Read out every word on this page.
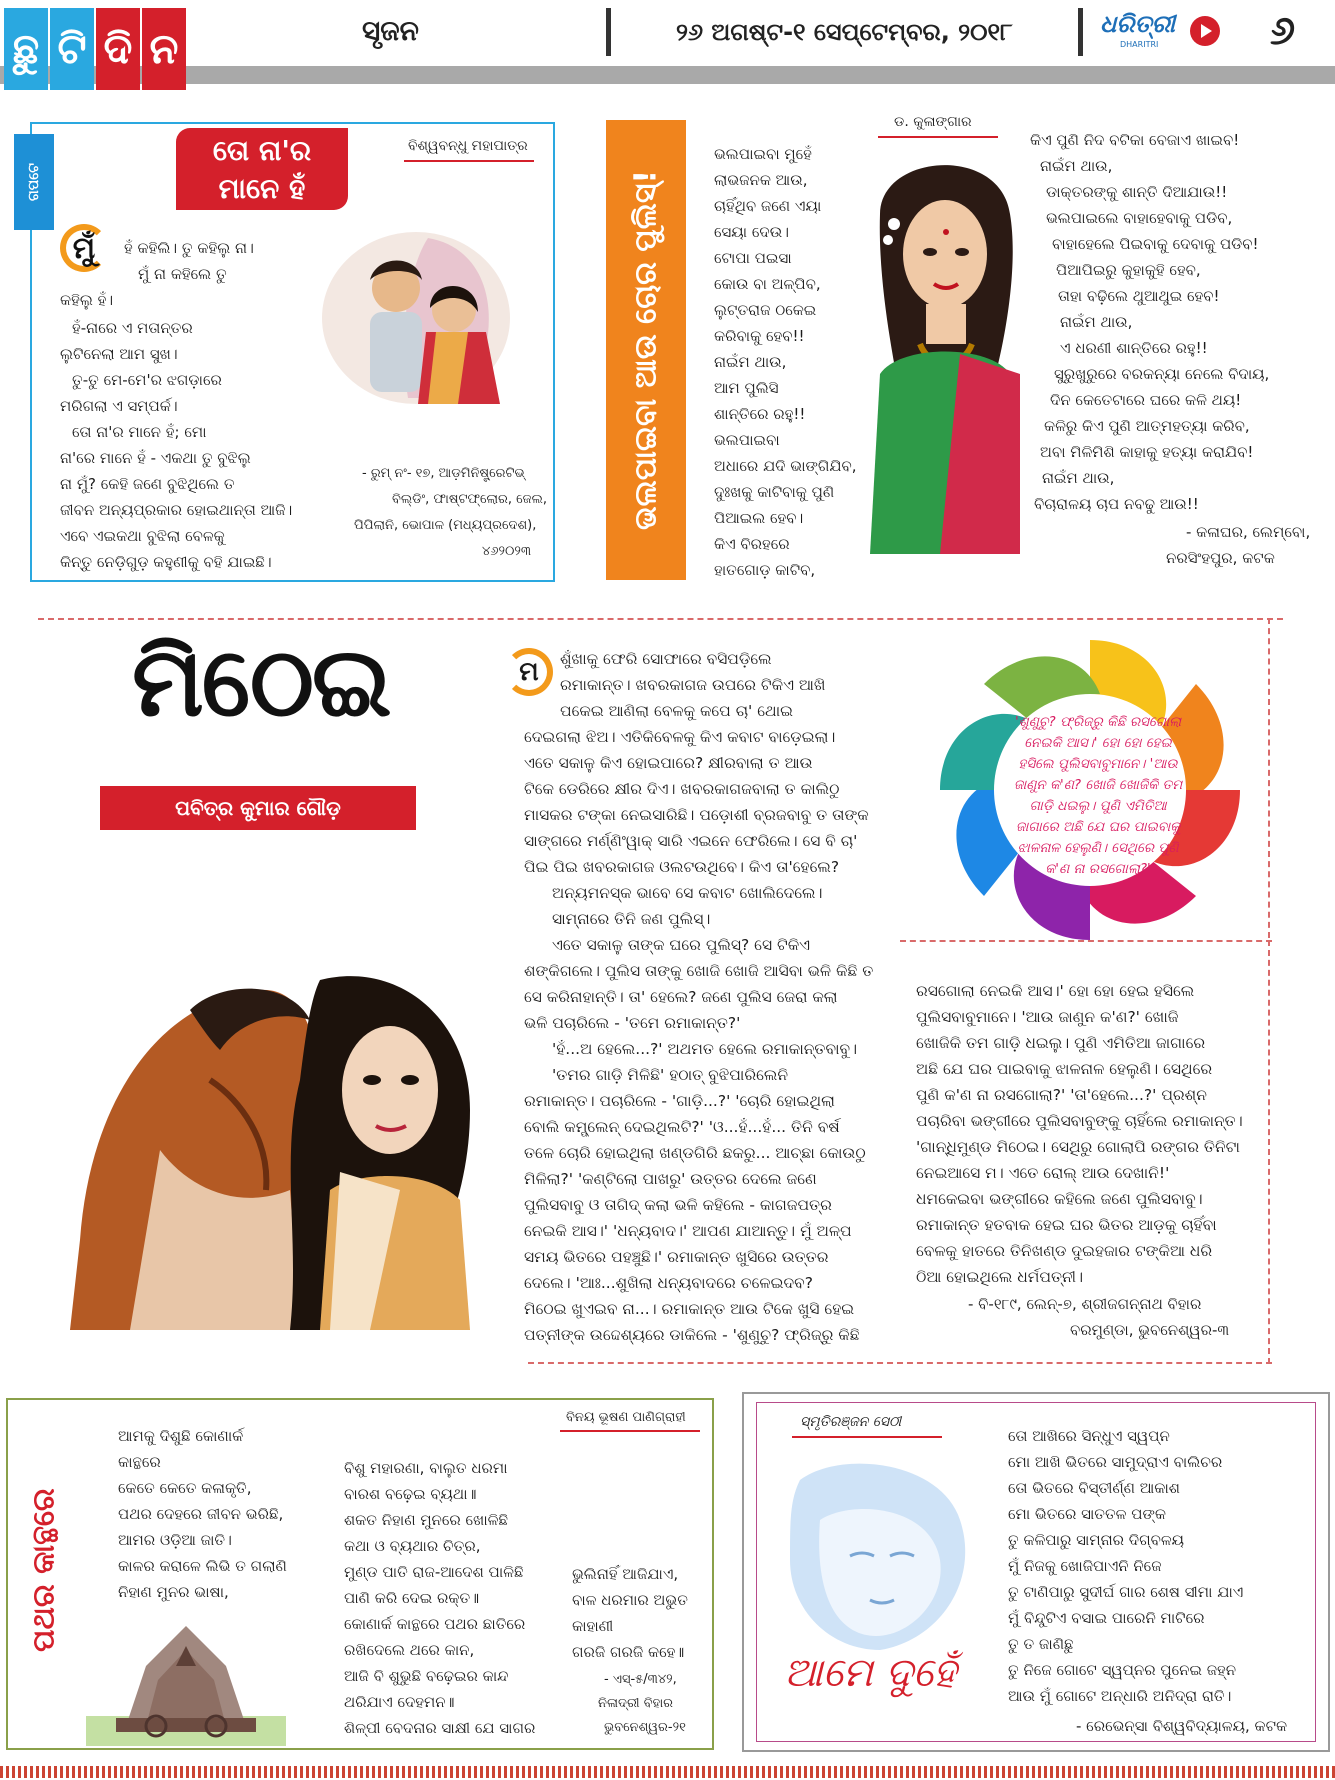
ଛୁ ଟି ଦି ନ	ସୃଜନ	୨୬ ଅଗଷ୍ଟ-୧ ସେପ୍ଟେମ୍ବର, ୨୦୧୮	ଧରିତ୍ରୀ
DHARITRI	୬
ଗପଟେ
ତୋ ନା'ର
ମାନେ ହଁ
ବିଶ୍ୱବନ୍ଧୁ ମହାପାତ୍ର
ମୁଁ	ହଁ କହିଲି। ତୁ କହିଲୁ ନା।
ମୁଁ ନା କହିଲେ ତୁ
କହିଲୁ ହଁ।
ହଁ-ନାରେ ଏ ମତାନ୍ତର
ଲୁଟିନେଲା ଆମ ସୁଖ।
ତୁ-ତୁ ମେ-ମେ'ର ଝଗଡ଼ାରେ
ମରିଗଲା ଏ ସମ୍ପର୍କ।
ତୋ ନା'ର ମାନେ ହଁ; ମୋ
ନା'ରେ ମାନେ ହଁ - ଏକଥା ତୁ ବୁଝିଲୁ
ନା ମୁଁ? କେହି ଜଣେ ବୁଝିଥିଲେ ତ
ଜୀବନ ଅନ୍ୟପ୍ରକାର ହୋଇଥାନ୍ତା ଆଜି।
ଏବେ ଏଇକଥା ବୁଝିଲା ବେଳକୁ
କିନ୍ତୁ ନେଡ଼ିଗୁଡ଼ କହୁଣୀକୁ ବହି ଯାଇଛି।
- ରୁମ୍ ନଂ- ୧୭, ଆଡ଼ମିନିଷ୍ଟ୍ରେଟିଭ୍
ବିଲ୍ଡିଂ, ଫାଷ୍ଟଫ୍ଲୋର, ଜେଲ,
ପିପିଲାନି, ଭୋପାଳ (ମଧ୍ୟପ୍ରଦେଶ),
୪୬୨୦୨୩
ଭଲପାଇବା ଆଉ ଚୋର ପୁଲିସ୍!
ଡ. କୁଳାଙ୍ଗାର
ଭଲପାଇବା ମୁହେଁ
ଲାଭଜନକ ଆଉ,
ଚାହିଁଥିବ ଜଣେ ଏୟା
ସେୟା ଦେଉ।
ଟୋପା ପଇସା
କୋଉ ବା ଅଳ୍ପିବ,
ଲୁଟ୍‌ତରାଜ ଠକେଇ
କରିବାକୁ ହେବ!!
ନାଇଁମ ଥାଉ,
ଆମ ପୁଲିସି
ଶାନ୍ତିରେ ରହୁ!!
ଭଲପାଇବା
ଅଧାରେ ଯଦି ଭାଙ୍ଗିଯିବ,
ଦୁଃଖକୁ କାଟିବାକୁ ପୁଣି
ପିଆଇଲ ହେବ।
କିଏ ବିରହରେ
ହାତଗୋଡ଼ କାଟିବ,
କିଏ ପୁଣି ନିଦ ବଟିକା ବେଜାଏ ଖାଇବ!
ନାଇଁମ ଥାଉ,
ଡାକ୍ତରଙ୍କୁ ଶାନ୍ତି ଦିଆଯାଉ!!
ଭଲପାଇଲେ ବାହାହେବାକୁ ପଡିବ,
ବାହାହେଲେ ପିଇବାକୁ ଦେବାକୁ ପଡିବ!
ପିଆପିଇରୁ କୁହାକୁହି ହେବ,
ତାହା ବଢ଼ିଲେ ଥୁଆଥୁଇ ହେବ!
ନାଇଁମ ଥାଉ,
ଏ ଧରଣୀ ଶାନ୍ତିରେ ରହୁ!!
ସୁରୁଖୁରୁରେ ବରକନ୍ୟା ନେଲେ ବିଦାୟ,
ଦିନ କେତେଟାରେ ଘରେ କଳି ଥୟ!
କଳିରୁ କିଏ ପୁଣି ଆତ୍ମହତ୍ୟା କରିବ,
ଅବା ମିଳିମିଶି କାହାକୁ ହତ୍ୟା କରାଯିବ!
ନାଇଁମ ଥାଉ,
ବିଚାରାଳୟ ଚାପ ନବଢୁ ଆଉ!!
- କଳାଘର, ଲେମ୍ବୋ,
ନରସିଂହପୁର, କଟକ
ମିଠେଇ
ପବିତ୍ର କୁମାର ଗୌଡ଼
ମ	ଶୁଁଖାକୁ ଫେରି ସୋଫାରେ ବସିପଡ଼ିଲେ
ରମାକାନ୍ତ। ଖବରକାଗଜ ଉପରେ ଟିକିଏ ଆଖି
ପକେଇ ଆଣିଲା ବେଳକୁ କପେ ଚା' ଥୋଇ
ଦେଇଗଲା ଝିଅ। ଏତିକିବେଳକୁ କିଏ କବାଟ ବାଡ଼େଇଲା।
ଏତେ ସକାଳୁ କିଏ ହୋଇପାରେ? କ୍ଷୀରବାଲା ତ ଆଉ
ଟିକେ ଡେରିରେ କ୍ଷୀର ଦିଏ। ଖବରକାଗଜବାଲା ତ କାଲିଠୁ
ମାସକର ଟଙ୍କା ନେଇସାରିଛି। ପଡ଼ୋଶୀ ବ୍ରଜବାବୁ ତ ତାଙ୍କ
ସାଙ୍ଗରେ ମର୍ଣ୍ଣିଂୱାକ୍ ସାରି ଏଇନେ ଫେରିଲେ। ସେ ବି ଚା'
ପିଇ ପିଇ ଖବରକାଗଜ ଓଲଟଉଥିବେ। କିଏ ତା'ହେଲେ?
ଅନ୍ୟମନସ୍କ ଭାବେ ସେ କବାଟ ଖୋଲିଦେଲେ।
ସାମ୍ନାରେ ତିନି ଜଣ ପୁଲିସ୍।
ଏତେ ସକାଳୁ ତାଙ୍କ ଘରେ ପୁଲିସ୍? ସେ ଟିକିଏ
ଶଙ୍କିଗଲେ। ପୁଲିସ ତାଙ୍କୁ ଖୋଜି ଖୋଜି ଆସିବା ଭଳି କିଛି ତ
ସେ କରିନାହାନ୍ତି। ତା' ହେଲେ? ଜଣେ ପୁଲିସ ଜେରା କଲା
ଭଳି ପଚାରିଲେ - 'ତମେ ରମାକାନ୍ତ?'
'ହଁ...ଅ ହେଲେ...?' ଅଥମତ ହେଲେ ରମାକାନ୍ତବାବୁ।
'ତମର ଗାଡ଼ି ମିଳିଛି' ହଠାତ୍ ବୁଝିପାରିଲେନି
ରମାକାନ୍ତ। ପଚାରିଲେ - 'ଗାଡ଼ି...?' 'ଚୋରି ହୋଇଥିଲା
ବୋଲି କମ୍ପ୍ଲେନ୍ ଦେଇଥିଲଟି?' 'ଓ...ହଁ...ହଁ... ତିନି ବର୍ଷ
ତଳେ ଚୋରି ହୋଇଥିଲା ଖଣ୍ଡଗିରି ଛକରୁ... ଆଚ୍ଛା କୋଉଠୁ
ମିଳିଲା?' 'କଣ୍ଟିଲୋ ପାଖରୁ' ଉତ୍ତର ଦେଲେ ଜଣେ
ପୁଲିସବାବୁ ଓ ତାଗିଦ୍ କଲା ଭଳି କହିଲେ - କାଗଜପତ୍ର
ନେଇକି ଆସ।' 'ଧନ୍ୟବାଦ।' ଆପଣ ଯାଆନ୍ତୁ। ମୁଁ ଅଳ୍ପ
ସମୟ ଭିତରେ ପହଞ୍ଚୁଛି।' ରମାକାନ୍ତ ଖୁସିରେ ଉତ୍ତର
ଦେଲେ। 'ଆଃ...ଶୁଖିଲା ଧନ୍ୟବାଦରେ ଚଳେଇଦବ?
ମିଠେଇ ଖୁଏଇବ ନା...। ରମାକାନ୍ତ ଆଉ ଟିକେ ଖୁସି ହେଇ
ପତ୍ନୀଙ୍କ ଉଦ୍ଦେଶ୍ୟରେ ଡାକିଲେ - 'ଶୁଣୁଚୁ? ଫ୍ରିଜ୍‌ରୁ କିଛି
'ଶୁଣୁଚୁ? ଫ୍ରିଜ୍‌ରୁ କିଛି ରସଗୋଲା ନେଇକି ଆସ।' ହୋ ହୋ ହେଇ ହସିଲେ ପୁଲିସବାବୁମାନେ। 'ଆଉ ଜାଣୁନ କ'ଣ? ଖୋଜି ଖୋଜିକି ତମ ଗାଡ଼ି ଧଇଲୁ। ପୁଣି ଏମିତିଆ ଜାଗାରେ ଅଛି ଯେ ଘର ପାଇବାକୁ ଝାଳନାଳ ହେଲୁଣି। ସେଥିରେ ପୁଣି କ'ଣ ନା ରସଗୋଲା?'
ରସଗୋଲା ନେଇକି ଆସ।' ହୋ ହୋ ହେଇ ହସିଲେ
ପୁଲିସବାବୁମାନେ। 'ଆଉ ଜାଣୁନ କ'ଣ?' ଖୋଜି
ଖୋଜିକି ତମ ଗାଡ଼ି ଧଇଲୁ। ପୁଣି ଏମିତିଆ ଜାଗାରେ
ଅଛି ଯେ ଘର ପାଇବାକୁ ଝାଳନାଳ ହେଲୁଣି। ସେଥିରେ
ପୁଣି କ'ଣ ନା ରସଗୋଲା?' 'ତା'ହେଲେ...?' ପ୍ରଶ୍ନ
ପଚାରିବା ଭଙ୍ଗୀରେ ପୁଲିସବାବୁଙ୍କୁ ଚାହିଁଲେ ରମାକାନ୍ତ।
'ଗାନ୍ଧିମୁଣ୍ଡ ମିଠେଇ। ସେଥିରୁ ଗୋଲାପି ରଙ୍ଗର ତିନିଟା
ନେଇଆସେ ମ। ଏତେ ରୋଲ୍ ଆଉ ଦେଖାନି!'
ଧମକେଇବା ଭଙ୍ଗୀରେ କହିଲେ ଜଣେ ପୁଲିସବାବୁ।
ରମାକାନ୍ତ ହତବାକ ହେଇ ଘର ଭିତର ଆଡ଼କୁ ଚାହିଁବା
ବେଳକୁ ହାତରେ ତିନିଖଣ୍ଡ ଦୁଇହଜାର ଟଙ୍କିଆ ଧରି
ଠିଆ ହୋଇଥିଲେ ଧର୍ମପତ୍ନୀ।
- ବି-୧୮୯, ଲେନ୍-୭, ଶ୍ରୀଜଗନ୍ନାଥ ବିହାର
ବରମୁଣ୍ଡା, ଭୁବନେଶ୍ୱର-୩
ପଥର କାନ୍ଥରେ
ବିନୟ ଭୂଷଣ ପାଣିଗ୍ରାହୀ
ଆମକୁ ଦିଶୁଛି କୋଣାର୍କ
କାନ୍ଥରେ
କେତେ କେତେ କଳାକୃତି,
ପଥର ଦେହରେ ଜୀବନ ଭରିଛି,
ଆମର ଓଡ଼ିଆ ଜାତି।
କାଳର କରାଳେ ଲିଭି ତ ଗଲାଣି
ନିହାଣ ମୁନର ଭାଷା,
ବିଶୁ ମହାରଣା, ବାଲୁତ ଧରମା
ବାରଶ ବଢ଼େଇ ବ୍ୟଥା॥
ଶକତ ନିହାଣ ମୁନରେ ଖୋଳିଛି
କଥା ଓ ବ୍ୟଥାର ଚିତ୍ର,
ମୁଣ୍ଡ ପାତି ରାଜ-ଆଦେଶ ପାଳିଛି
ପାଣି କରି ଦେଇ ରକ୍ତ॥
କୋଣାର୍କ କାନ୍ଥରେ ପଥର ଛାତିରେ
ରଖିଦେଲେ ଥରେ କାନ,
ଆଜି ବି ଶୁଭୁଛି ବଢ଼େଇର କାନ୍ଦ
ଥରିଯାଏ ଦେହମନ॥
ଶିଳ୍ପୀ ବେଦନାର ସାକ୍ଷୀ ଯେ ସାଗର
ଭୁଲିନାହିଁ ଆଜିଯାଏ,
ବାଳ ଧରମାର ଅଭୁତ
କାହାଣୀ
ଗରଜି ଗରଜି କହେ॥
- ଏସ୍-୫/୩୪୨,
ନିଳାଦ୍ରୀ ବିହାର
ଭୁବନେଶ୍ୱର-୨୧
ସ୍ମୃତିରଞ୍ଜନ ସେଠୀ
ଆମେ ଦୁହେଁ
ତୋ ଆଖିରେ ସିନ୍ଧୁଏ ସ୍ୱପ୍ନ
ମୋ ଆଖି ଭିତରେ ସାମୁଦ୍ରାଏ ବାଲିଚର
ତୋ ଭିତରେ ବିସ୍ତୀର୍ଣ୍ଣ ଆକାଶ
ମୋ ଭିତରେ ସାତତଳ ପଙ୍କ
ତୁ କଳିପାରୁ ସାମ୍ନାର ଦିଗ୍‌ବଳୟ
ମୁଁ ନିଜକୁ ଖୋଜିପାଏନି ନିଜେ
ତୁ ଟାଣିପାରୁ ସୁଦୀର୍ଘ ଗାର ଶେଷ ସୀମା ଯାଏ
ମୁଁ ବିନ୍ଦୁଟିଏ ବସାଇ ପାରେନି ମାଟିରେ
ତୁ ତ ଜାଣିଛୁ
ତୁ ନିଜେ ଗୋଟେ ସ୍ୱପ୍ନର ପୁନେଇ ଜହ୍ନ
ଆଉ ମୁଁ ଗୋଟେ ଅନ୍ଧାରି ଅନିଦ୍ରା ରାତି।
- ରେଭେନ୍ସା ବିଶ୍ୱବିଦ୍ୟାଳୟ, କଟକ
